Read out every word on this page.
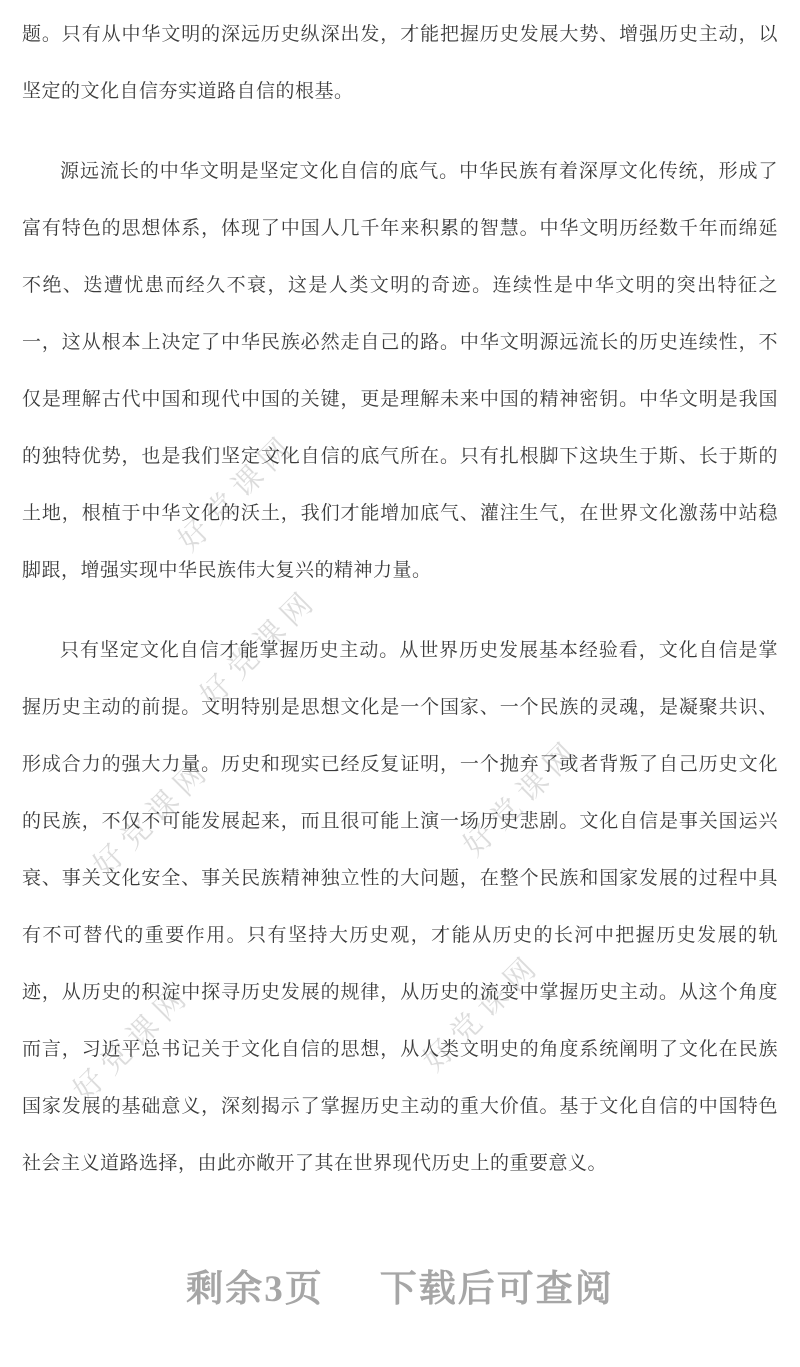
好党课网
好党课网
好党课网
好党课网
好党课网
好党课网

题。只有从中华文明的深远历史纵深出发，才能把握历史发展大势、增强历史主动，以坚定的文化自信夯实道路自信的根基。

源远流长的中华文明是坚定文化自信的底气。中华民族有着深厚文化传统，形成了富有特色的思想体系，体现了中国人几千年来积累的智慧。中华文明历经数千年而绵延不绝、迭遭忧患而经久不衰，这是人类文明的奇迹。连续性是中华文明的突出特征之一，这从根本上决定了中华民族必然走自己的路。中华文明源远流长的历史连续性，不仅是理解古代中国和现代中国的关键，更是理解未来中国的精神密钥。中华文明是我国的独特优势，也是我们坚定文化自信的底气所在。只有扎根脚下这块生于斯、长于斯的土地，根植于中华文化的沃土，我们才能增加底气、灌注生气，在世界文化激荡中站稳脚跟，增强实现中华民族伟大复兴的精神力量。

只有坚定文化自信才能掌握历史主动。从世界历史发展基本经验看，文化自信是掌握历史主动的前提。文明特别是思想文化是一个国家、一个民族的灵魂，是凝聚共识、形成合力的强大力量。历史和现实已经反复证明，一个抛弃了或者背叛了自己历史文化的民族，不仅不可能发展起来，而且很可能上演一场历史悲剧。文化自信是事关国运兴衰、事关文化安全、事关民族精神独立性的大问题，在整个民族和国家发展的过程中具有不可替代的重要作用。只有坚持大历史观，才能从历史的长河中把握历史发展的轨迹，从历史的积淀中探寻历史发展的规律，从历史的流变中掌握历史主动。从这个角度而言，习近平总书记关于文化自信的思想，从人类文明史的角度系统阐明了文化在民族国家发展的基础意义，深刻揭示了掌握历史主动的重大价值。基于文化自信的中国特色社会主义道路选择，由此亦敞开了其在世界现代历史上的重要意义。

剩余3页 下载后可查阅
